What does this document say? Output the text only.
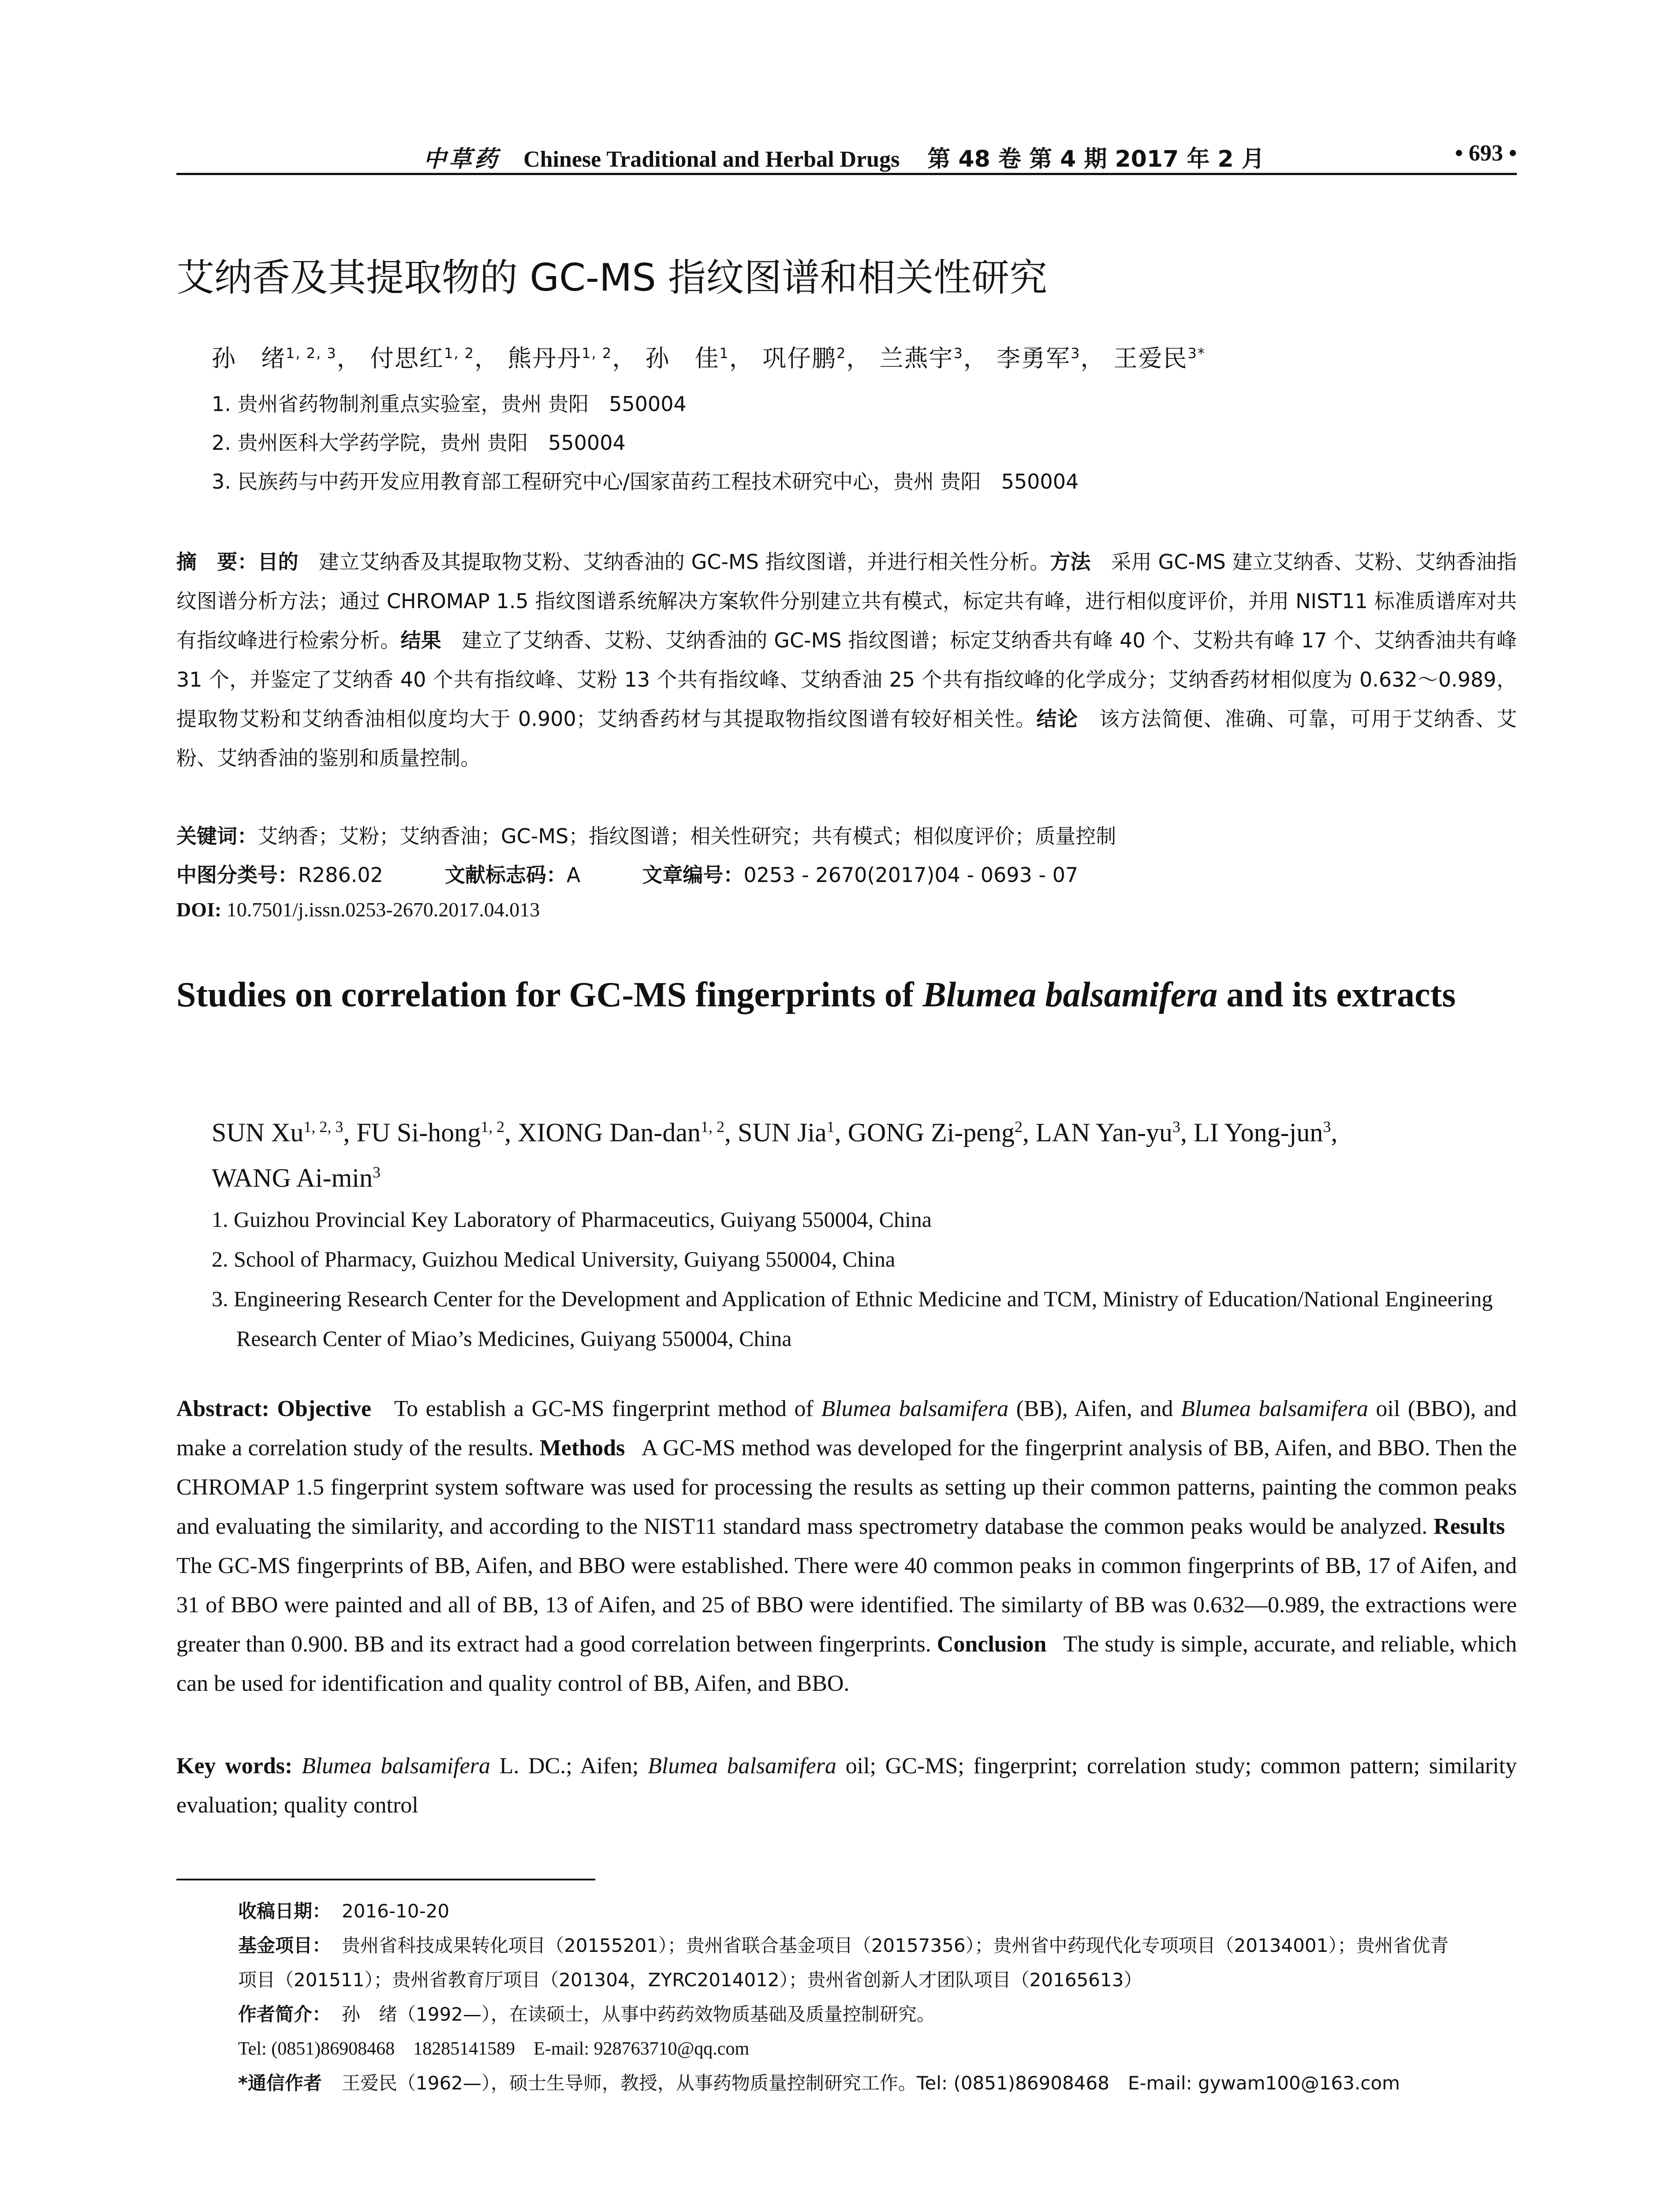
中草药 Chinese Traditional and Herbal Drugs 第 48 卷 第 4 期 2017 年 2 月	• 693 •
艾纳香及其提取物的 GC-MS 指纹图谱和相关性研究
孙　绪$^{1, 2, 3}$， 付思红$^{1, 2}$， 熊丹丹$^{1, 2}$， 孙　佳$^1$， 巩仔鹏$^2$， 兰燕宇$^3$， 李勇军$^3$， 王爱民$^{3*}$
1. 贵州省药物制剂重点实验室，贵州 贵阳　550004
2. 贵州医科大学药学院，贵州 贵阳　550004
3. 民族药与中药开发应用教育部工程研究中心/国家苗药工程技术研究中心，贵州 贵阳　550004
摘　要：目的　 建立艾纳香及其提取物艾粉、艾纳香油的 GC-MS 指纹图谱，并进行相关性分析。方法　 采用 GC-MS 建立艾纳香、艾粉、艾纳香油指纹图谱分析方法；通过 CHROMAP 1.5 指纹图谱系统解决方案软件分别建立共有模式，标定共有峰，进行相似度评价，并用 NIST11 标准质谱库对共有指纹峰进行检索分析。结果　 建立了艾纳香、艾粉、艾纳香油的 GC-MS 指纹图谱；标定艾纳香共有峰 40 个、艾粉共有峰 17 个、艾纳香油共有峰 31 个，并鉴定了艾纳香 40 个共有指纹峰、艾粉 13 个共有指纹峰、艾纳香油 25 个共有指纹峰的化学成分；艾纳香药材相似度为 0.632～0.989，提取物艾粉和艾纳香油相似度均大于 0.900；艾纳香药材与其提取物指纹图谱有较好相关性。结论　 该方法简便、准确、可靠，可用于艾纳香、艾粉、艾纳香油的鉴别和质量控制。
关键词：艾纳香；艾粉；艾纳香油；GC-MS；指纹图谱；相关性研究；共有模式；相似度评价；质量控制
中图分类号：R286.02	文献标志码：A	文章编号：0253 - 2670(2017)04 - 0693 - 07
DOI: 10.7501/j.issn.0253-2670.2017.04.013
Studies on correlation for GC-MS fingerprints of Blumea balsamifera and its extracts
SUN Xu$^{1, 2, 3}$, FU Si-hong$^{1, 2}$, XIONG Dan-dan$^{1, 2}$, SUN Jia$^1$, GONG Zi-peng$^2$, LAN Yan-$yu^3$, LI Yong-jun$^3$,
WANG $Ai-\min^3$
1. Guizhou Provincial Key Laboratory of Pharmaceutics, Guiyang 550004, China
2. School of Pharmacy, Guizhou Medical University, Guiyang 550004, China
3. Engineering Research Center for the Development and Application of Ethnic Medicine and TCM, Ministry of Education/National Engineering Research Center of Miao’s Medicines, Guiyang 550004, China
Abstract: Objective To establish a GC-MS fingerprint method of Blumea balsamifera (BB), Aifen, and Blumea balsamifera oil (BBO), and make a correlation study of the results. Methods A GC-MS method was developed for the fingerprint analysis of BB, Aifen, and BBO. Then the CHROMAP 1.5 fingerprint system software was used for processing the results as setting up their common patterns, painting the common peaks and evaluating the similarity, and according to the NIST11 standard mass spectrometry database the common peaks would be analyzed. Results   The GC-MS fingerprints of BB, Aifen, and BBO were established. There were 40 common peaks in common fingerprints of BB, 17 of Aifen, and 31 of BBO were painted and all of BB, 13 of Aifen, and 25 of BBO were identified. The similarty of BB was 0.632—0.989, the extractions were greater than 0.900. BB and its extract had a good correlation between fingerprints. Conclusion The study is simple, accurate, and reliable, which can be used for identification and quality control of BB, Aifen, and BBO.
Key words: Blumea balsamifera L. DC.; Aifen; Blumea balsamifera oil; GC-MS; fingerprint; correlation study; common pattern; similarity evaluation; quality control
收稿日期： 2016-10-20
基金项目： 贵州省科技成果转化项目（20155201）；贵州省联合基金项目（20157356）；贵州省中药现代化专项项目（20134001）；贵州省优青
项目（201511）；贵州省教育厅项目（201304，ZYRC2014012）；贵州省创新人才团队项目（20165613）
作者简介： 孙　绪（1992—），在读硕士，从事中药药效物质基础及质量控制研究。
Tel: (0851)86908468　18285141589　E-mail: 928763710@qq.com
*通信作者 王爱民（1962—），硕士生导师，教授，从事药物质量控制研究工作。Tel: (0851)86908468　E-mail: gywam100@163.com
